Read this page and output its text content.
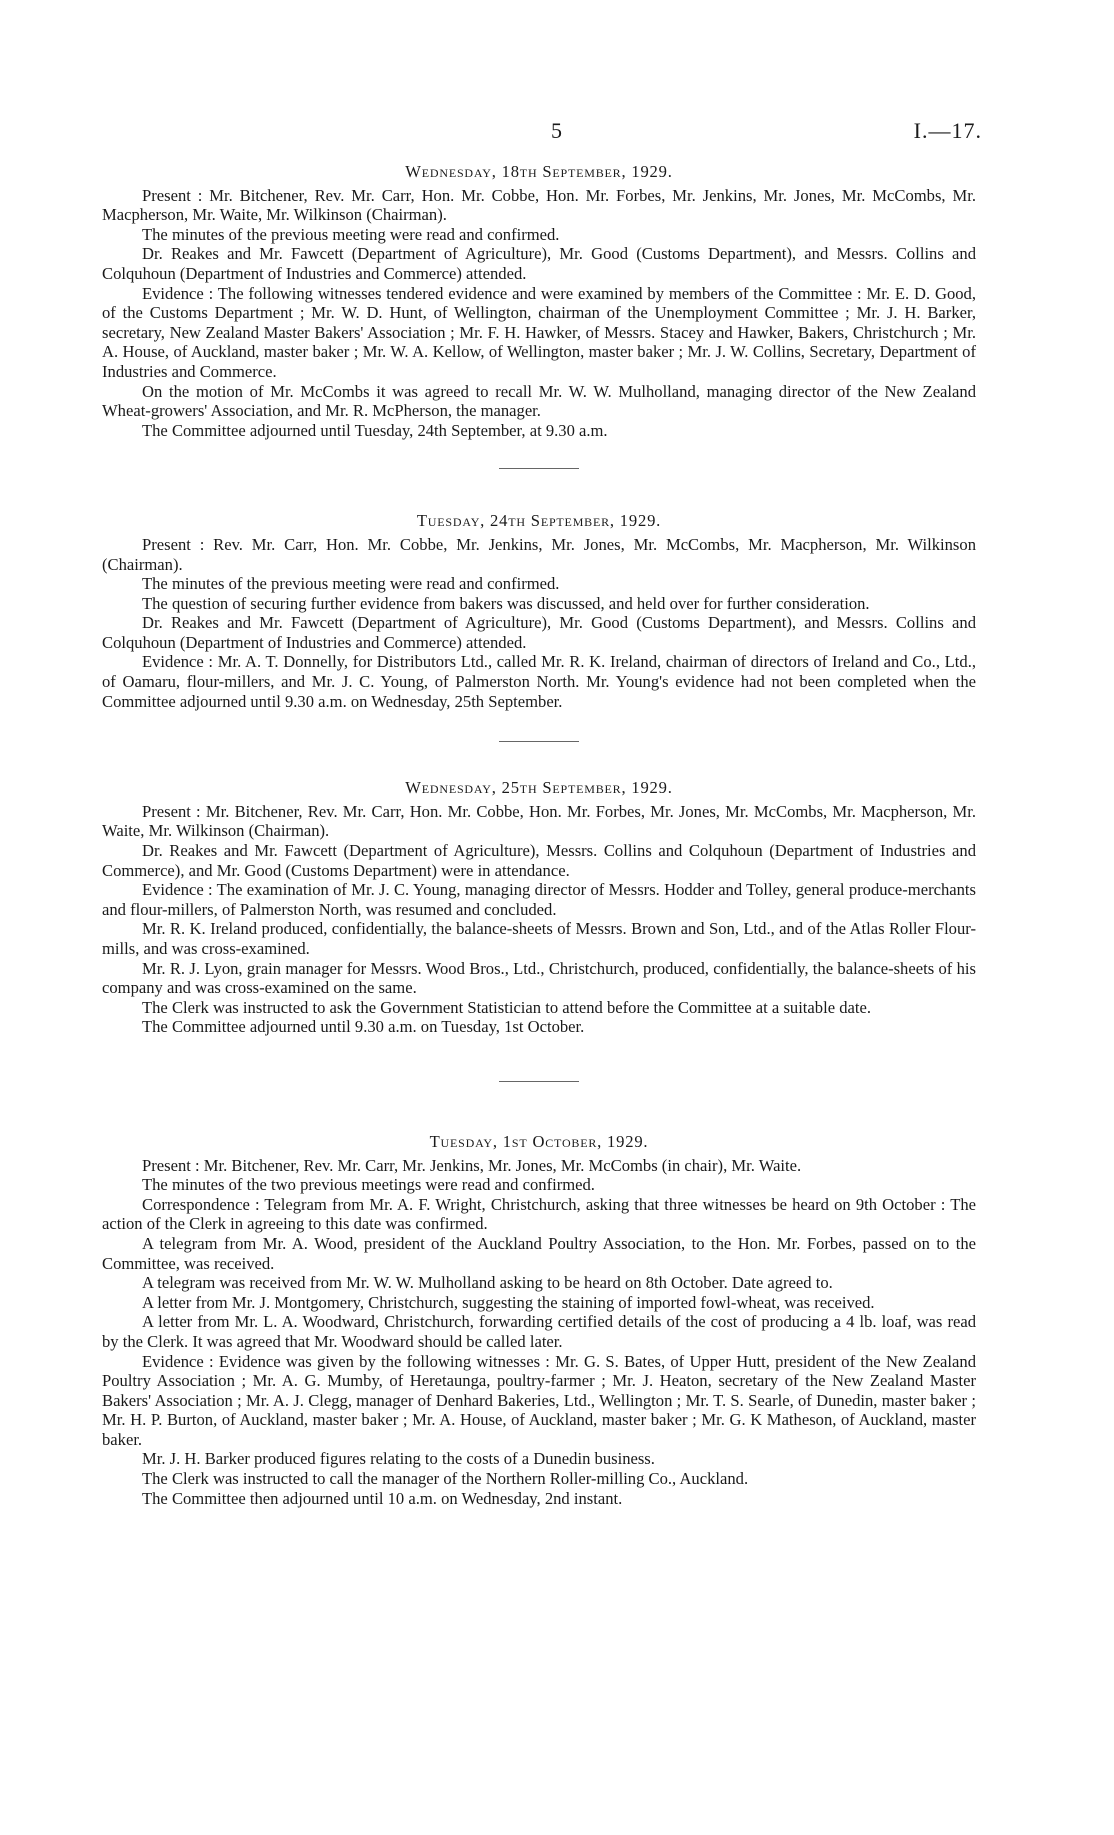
5	I.—17.
Wednesday, 18th September, 1929.

Present : Mr. Bitchener, Rev. Mr. Carr, Hon. Mr. Cobbe, Hon. Mr. Forbes, Mr. Jenkins, Mr. Jones, Mr. McCombs, Mr. Macpherson, Mr. Waite, Mr. Wilkinson (Chairman).

The minutes of the previous meeting were read and confirmed.

Dr. Reakes and Mr. Fawcett (Department of Agriculture), Mr. Good (Customs Department), and Messrs. Collins and Colquhoun (Department of Industries and Commerce) attended.

Evidence : The following witnesses tendered evidence and were examined by members of the Committee : Mr. E. D. Good, of the Customs Department ; Mr. W. D. Hunt, of Wellington, chairman of the Unemployment Committee ; Mr. J. H. Barker, secretary, New Zealand Master Bakers' Association ; Mr. F. H. Hawker, of Messrs. Stacey and Hawker, Bakers, Christchurch ; Mr. A. House, of Auckland, master baker ; Mr. W. A. Kellow, of Wellington, master baker ; Mr. J. W. Collins, Secretary, Department of Industries and Commerce.

On the motion of Mr. McCombs it was agreed to recall Mr. W. W. Mulholland, managing director of the New Zealand Wheat-growers' Association, and Mr. R. McPherson, the manager.

The Committee adjourned until Tuesday, 24th September, at 9.30 a.m.

Tuesday, 24th September, 1929.

Present : Rev. Mr. Carr, Hon. Mr. Cobbe, Mr. Jenkins, Mr. Jones, Mr. McCombs, Mr. Macpherson, Mr. Wilkinson (Chairman).

The minutes of the previous meeting were read and confirmed.

The question of securing further evidence from bakers was discussed, and held over for further consideration.

Dr. Reakes and Mr. Fawcett (Department of Agriculture), Mr. Good (Customs Department), and Messrs. Collins and Colquhoun (Department of Industries and Commerce) attended.

Evidence : Mr. A. T. Donnelly, for Distributors Ltd., called Mr. R. K. Ireland, chairman of directors of Ireland and Co., Ltd., of Oamaru, flour-millers, and Mr. J. C. Young, of Palmerston North. Mr. Young's evidence had not been completed when the Committee adjourned until 9.30 a.m. on Wednesday, 25th September.

Wednesday, 25th September, 1929.

Present : Mr. Bitchener, Rev. Mr. Carr, Hon. Mr. Cobbe, Hon. Mr. Forbes, Mr. Jones, Mr. McCombs, Mr. Macpherson, Mr. Waite, Mr. Wilkinson (Chairman).

Dr. Reakes and Mr. Fawcett (Department of Agriculture), Messrs. Collins and Colquhoun (Department of Industries and Commerce), and Mr. Good (Customs Department) were in attendance.

Evidence : The examination of Mr. J. C. Young, managing director of Messrs. Hodder and Tolley, general produce-merchants and flour-millers, of Palmerston North, was resumed and concluded.

Mr. R. K. Ireland produced, confidentially, the balance-sheets of Messrs. Brown and Son, Ltd., and of the Atlas Roller Flour-mills, and was cross-examined.

Mr. R. J. Lyon, grain manager for Messrs. Wood Bros., Ltd., Christchurch, produced, confidentially, the balance-sheets of his company and was cross-examined on the same.

The Clerk was instructed to ask the Government Statistician to attend before the Committee at a suitable date.

The Committee adjourned until 9.30 a.m. on Tuesday, 1st October.

Tuesday, 1st October, 1929.

Present : Mr. Bitchener, Rev. Mr. Carr, Mr. Jenkins, Mr. Jones, Mr. McCombs (in chair), Mr. Waite.

The minutes of the two previous meetings were read and confirmed.

Correspondence : Telegram from Mr. A. F. Wright, Christchurch, asking that three witnesses be heard on 9th October : The action of the Clerk in agreeing to this date was confirmed.

A telegram from Mr. A. Wood, president of the Auckland Poultry Association, to the Hon. Mr. Forbes, passed on to the Committee, was received.

A telegram was received from Mr. W. W. Mulholland asking to be heard on 8th October. Date agreed to.

A letter from Mr. J. Montgomery, Christchurch, suggesting the staining of imported fowl-wheat, was received.

A letter from Mr. L. A. Woodward, Christchurch, forwarding certified details of the cost of producing a 4 lb. loaf, was read by the Clerk. It was agreed that Mr. Woodward should be called later.

Evidence : Evidence was given by the following witnesses : Mr. G. S. Bates, of Upper Hutt, president of the New Zealand Poultry Association ; Mr. A. G. Mumby, of Heretaunga, poultry-farmer ; Mr. J. Heaton, secretary of the New Zealand Master Bakers' Association ; Mr. A. J. Clegg, manager of Denhard Bakeries, Ltd., Wellington ; Mr. T. S. Searle, of Dunedin, master baker ; Mr. H. P. Burton, of Auckland, master baker ; Mr. A. House, of Auckland, master baker ; Mr. G. K Matheson, of Auckland, master baker.

Mr. J. H. Barker produced figures relating to the costs of a Dunedin business.

The Clerk was instructed to call the manager of the Northern Roller-milling Co., Auckland.

The Committee then adjourned until 10 a.m. on Wednesday, 2nd instant.
